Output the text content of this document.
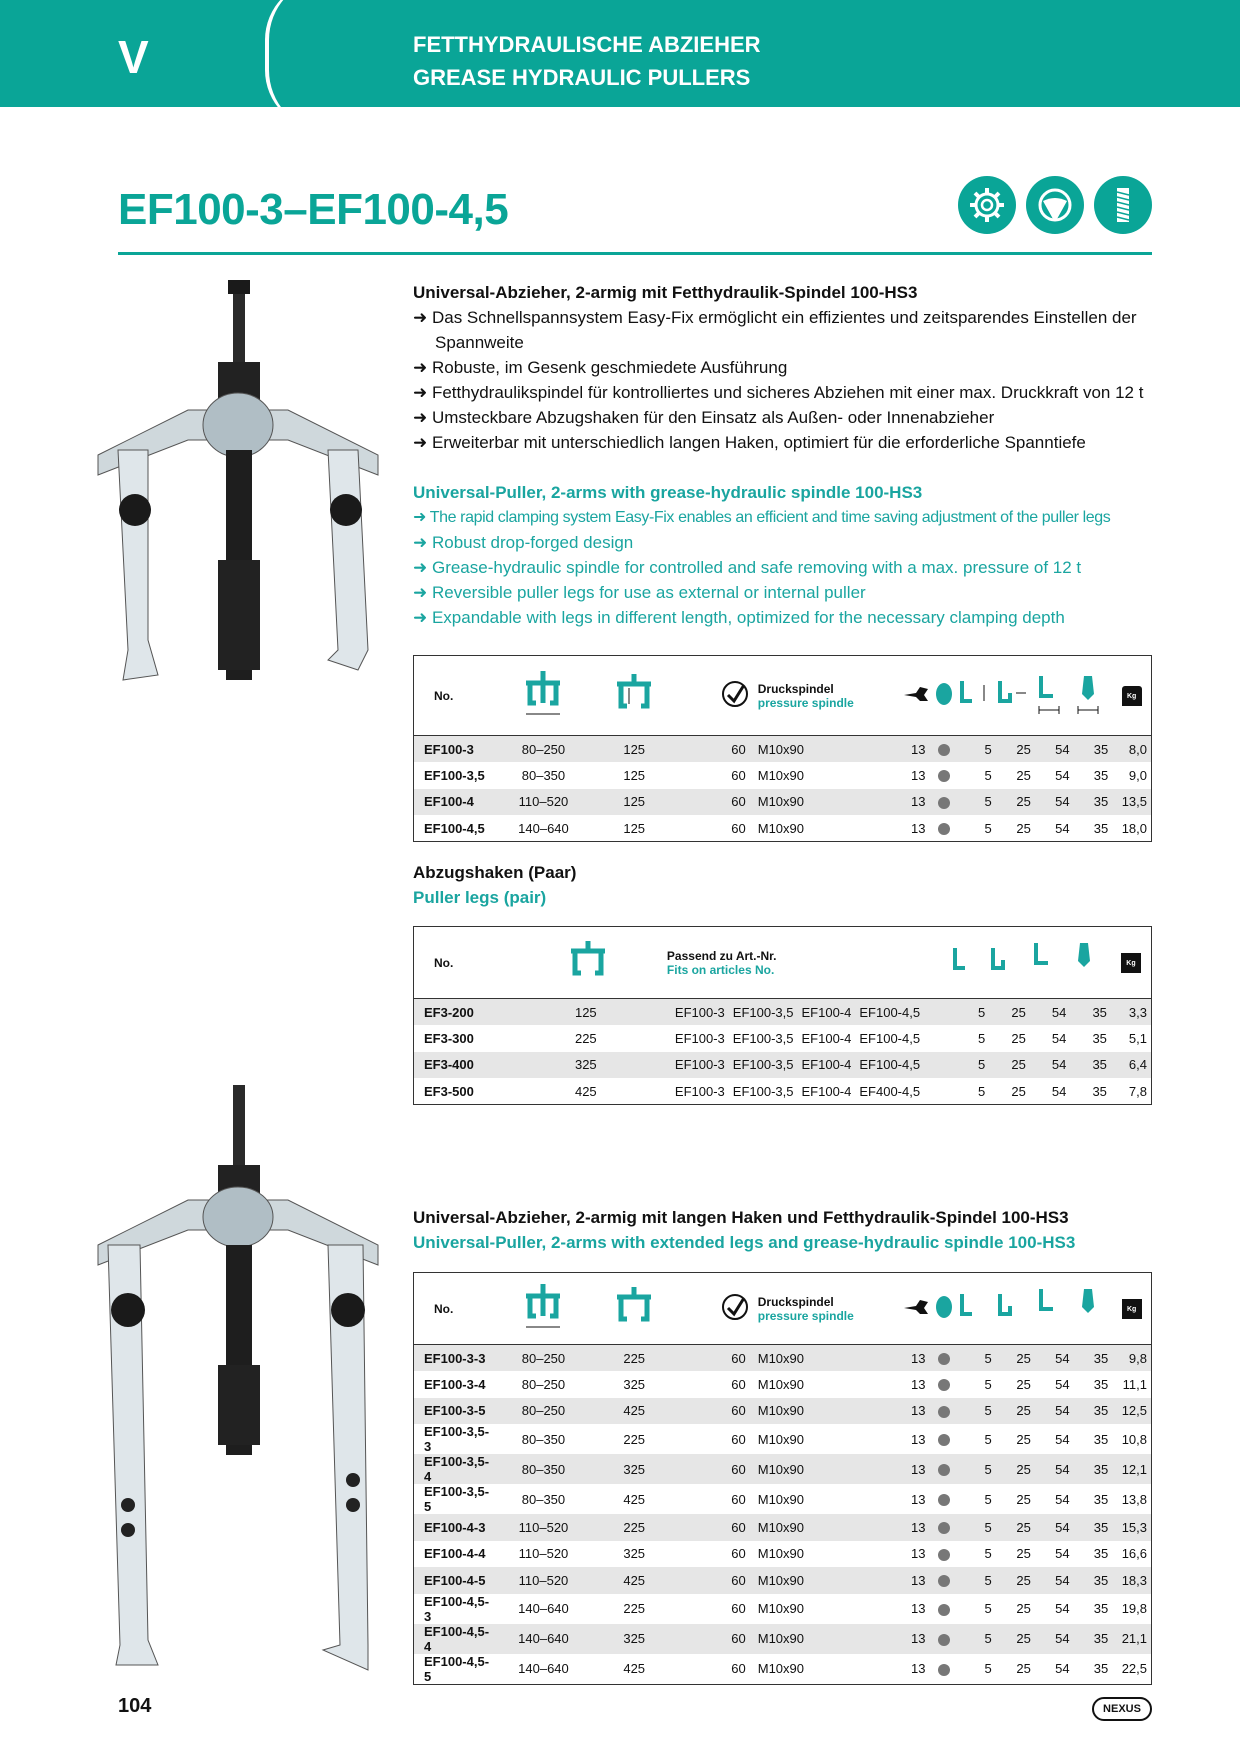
V	FETTHYDRAULISCHE ABZIEHER
GREASE HYDRAULIC PULLERS
EF100-3–EF100-4,5
Universal-Abzieher, 2-armig mit Fetthydraulik-Spindel 100-HS3
➜ Das Schnellspannsystem Easy-Fix ermöglicht ein effizientes und zeitsparendes Einstellen der Spannweite
➜ Robuste, im Gesenk geschmiedete Ausführung
➜ Fetthydraulikspindel für kontrolliertes und sicheres Abziehen mit einer max. Druckkraft von 12 t
➜ Umsteckbare Abzugshaken für den Einsatz als Außen- oder Innenabzieher
➜ Erweiterbar mit unterschiedlich langen Haken, optimiert für die erforderliche Spanntiefe
Universal-Puller, 2-arms with grease-hydraulic spindle 100-HS3
➜ The rapid clamping system Easy-Fix enables an efficient and time saving adjustment of the puller legs
➜ Robust drop-forged design
➜ Grease-hydraulic spindle for controlled and safe removing with a max. pressure of 12 t
➜ Reversible puller legs for use as external or internal puller
➜ Expandable with legs in different length, optimized for the necessary clamping depth
No.				Druckspindel
pressure spindle							Kg
EF100-3	80–250	125	60	M10x90	13		5	25	54	35	8,0
EF100-3,5	80–350	125	60	M10x90	13		5	25	54	35	9,0
EF100-4	110–520	125	60	M10x90	13		5	25	54	35	13,5
EF100-4,5	140–640	125	60	M10x90	13		5	25	54	35	18,0
Abzugshaken (Paar)
Puller legs (pair)
No.		Passend zu Art.-Nr.
Fits on articles No.					Kg
EF3-200	125	EF100-3 EF100-3,5 EF100-4 EF100-4,5	5	25	54	35	3,3
EF3-300	225	EF100-3 EF100-3,5 EF100-4 EF100-4,5	5	25	54	35	5,1
EF3-400	325	EF100-3 EF100-3,5 EF100-4 EF100-4,5	5	25	54	35	6,4
EF3-500	425	EF100-3 EF100-3,5 EF100-4 EF400-4,5	5	25	54	35	7,8
Universal-Abzieher, 2-armig mit langen Haken und Fetthydraulik-Spindel 100-HS3
Universal-Puller, 2-arms with extended legs and grease-hydraulic spindle 100-HS3
No.				Druckspindel
pressure spindle							Kg
EF100-3-3	80–250	225	60	M10x90	13		5	25	54	35	9,8
EF100-3-4	80–250	325	60	M10x90	13		5	25	54	35	11,1
EF100-3-5	80–250	425	60	M10x90	13		5	25	54	35	12,5
EF100-3,5-3	80–350	225	60	M10x90	13		5	25	54	35	10,8
EF100-3,5-4	80–350	325	60	M10x90	13		5	25	54	35	12,1
EF100-3,5-5	80–350	425	60	M10x90	13		5	25	54	35	13,8
EF100-4-3	110–520	225	60	M10x90	13		5	25	54	35	15,3
EF100-4-4	110–520	325	60	M10x90	13		5	25	54	35	16,6
EF100-4-5	110–520	425	60	M10x90	13		5	25	54	35	18,3
EF100-4,5-3	140–640	225	60	M10x90	13		5	25	54	35	19,8
EF100-4,5-4	140–640	325	60	M10x90	13		5	25	54	35	21,1
EF100-4,5-5	140–640	425	60	M10x90	13		5	25	54	35	22,5
104	NEXUS
